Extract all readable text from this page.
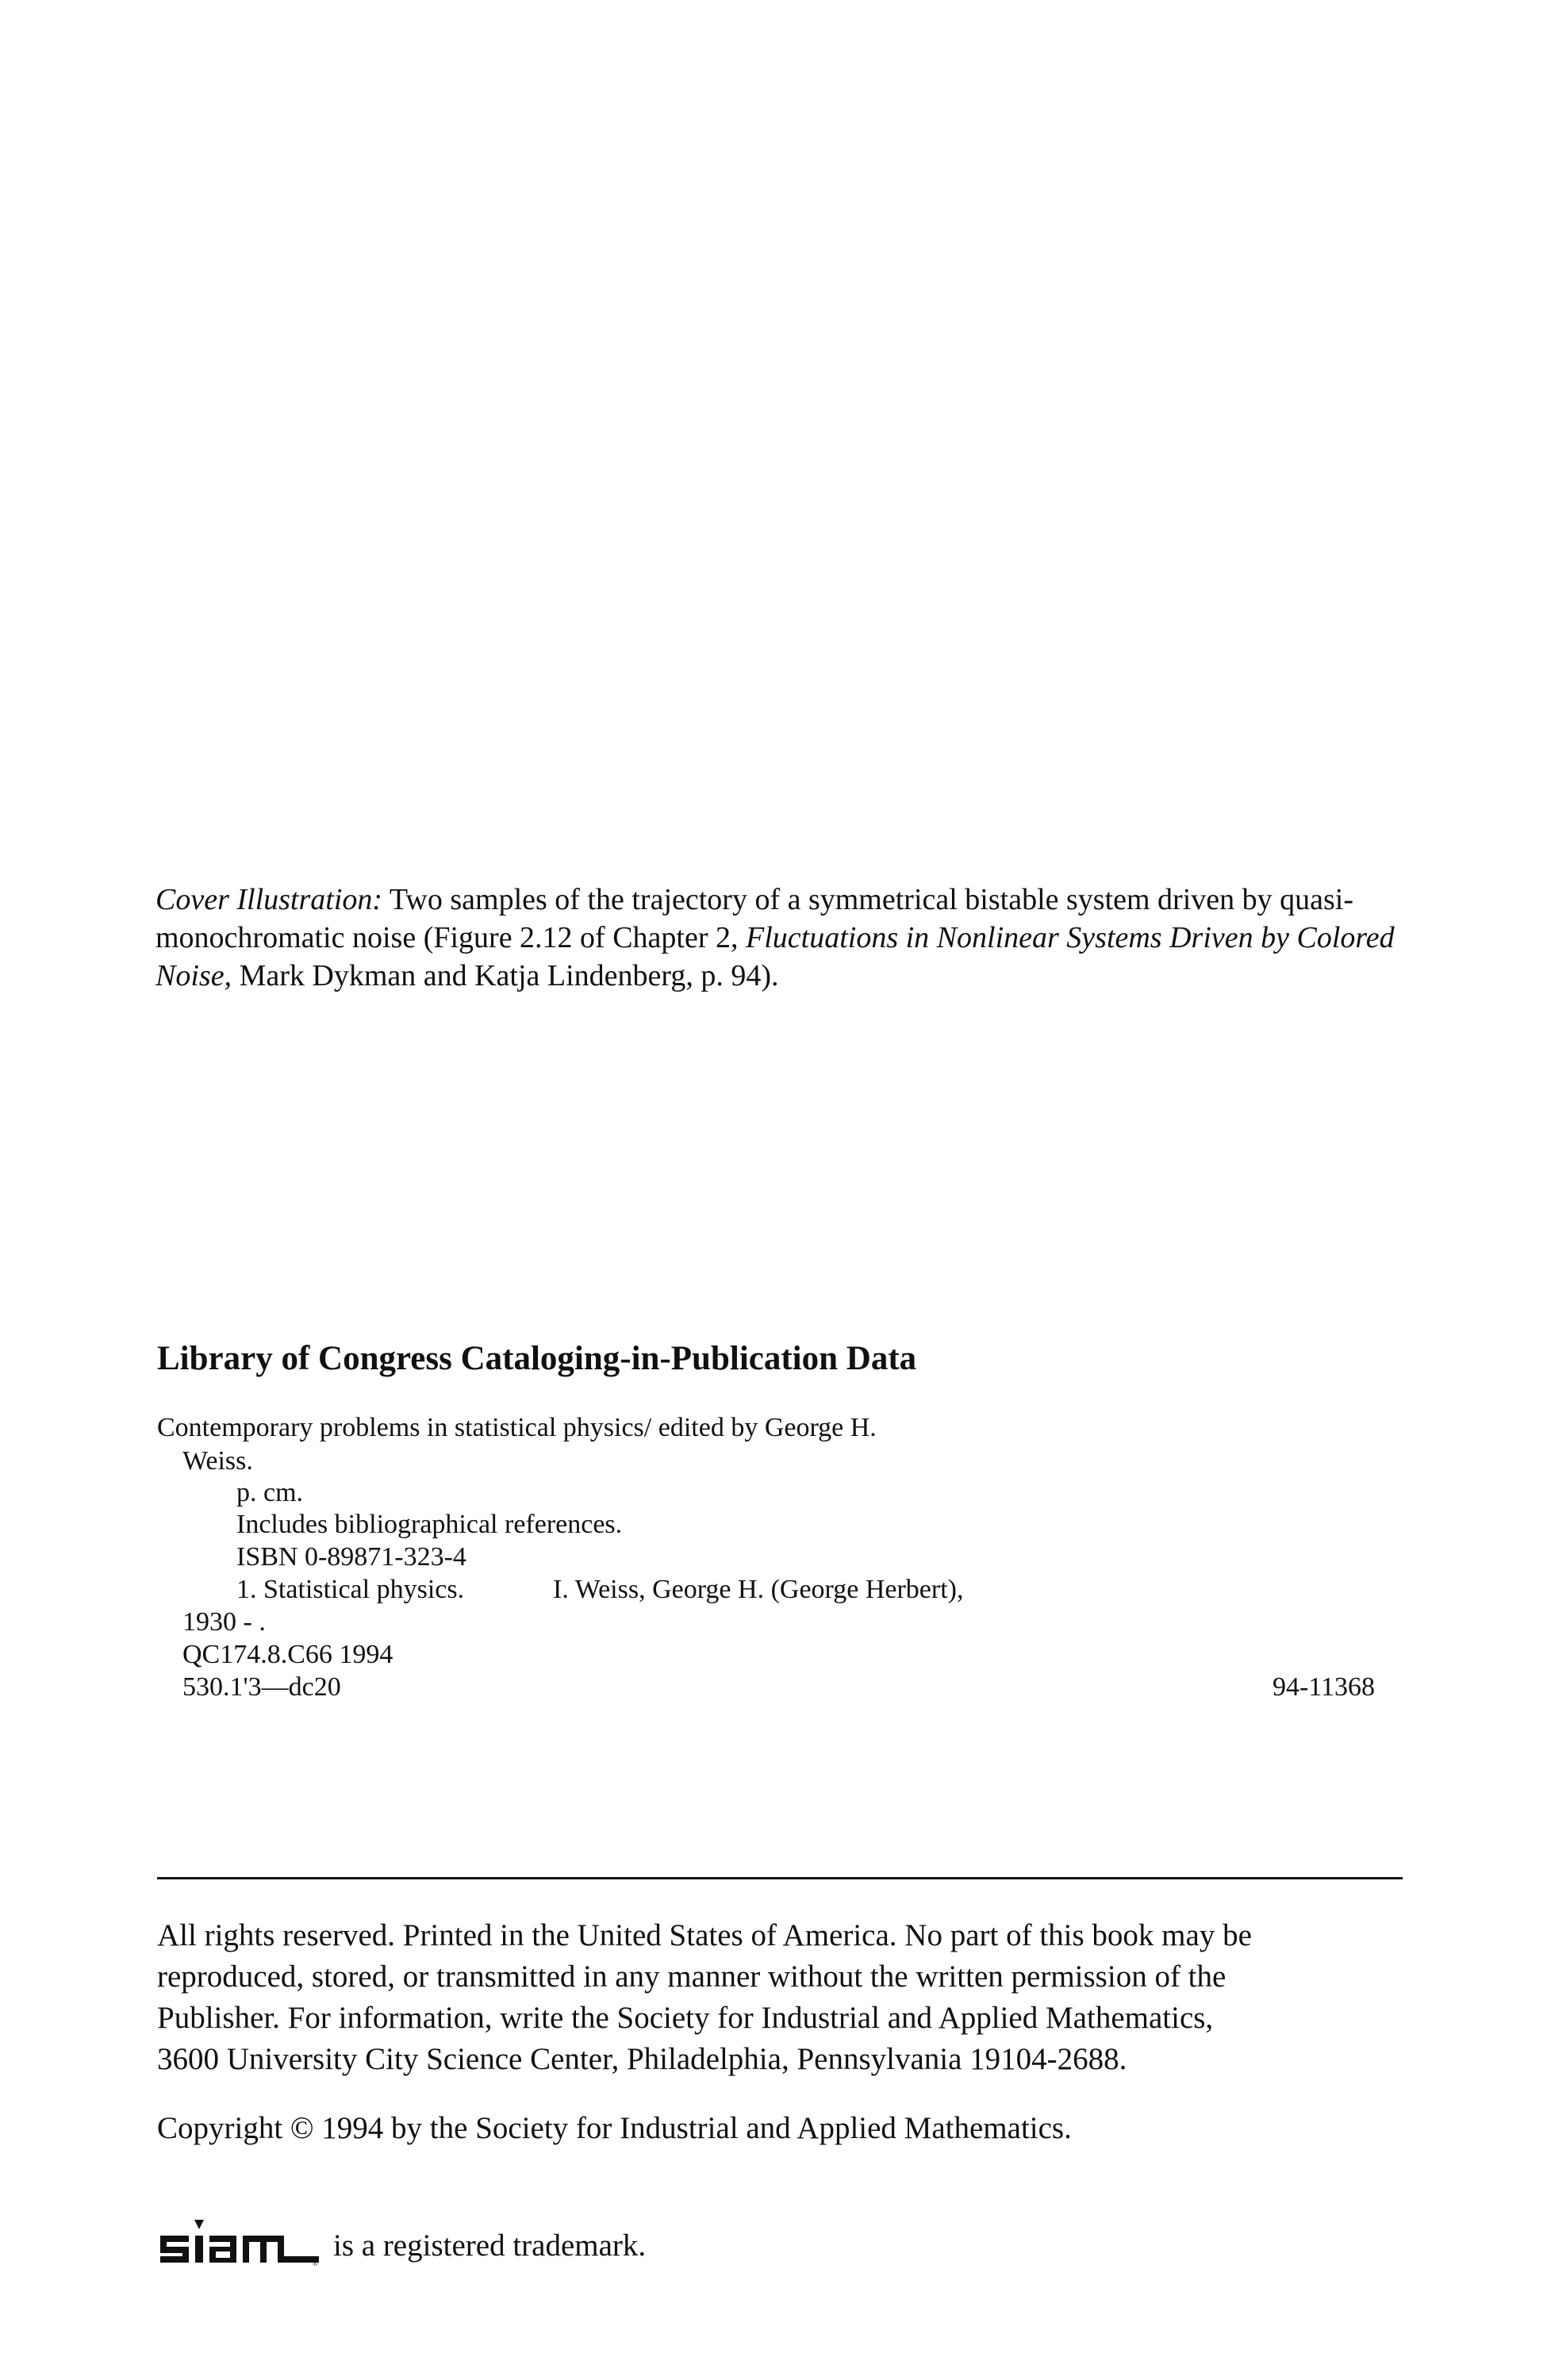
Cover Illustration: Two samples of the trajectory of a symmetrical bistable system driven by quasi-
monochromatic noise (Figure 2.12 of Chapter 2, Fluctuations in Nonlinear Systems Driven by Colored
Noise, Mark Dykman and Katja Lindenberg, p. 94).
Library of Congress Cataloging-in-Publication Data
Contemporary problems in statistical physics/ edited by George H.
Weiss.
p. cm.
Includes bibliographical references.
ISBN 0-89871-323-4
1. Statistical physics.	I. Weiss, George H. (George Herbert),
1930 - .
QC174.8.C66 1994
530.1'3—dc20	94-11368
All rights reserved. Printed in the United States of America. No part of this book may be
reproduced, stored, or transmitted in any manner without the written permission of the
Publisher. For information, write the Society for Industrial and Applied Mathematics,
3600 University City Science Center, Philadelphia, Pennsylvania 19104-2688.
Copyright © 1994 by the Society for Industrial and Applied Mathematics.
®
is a registered trademark.
